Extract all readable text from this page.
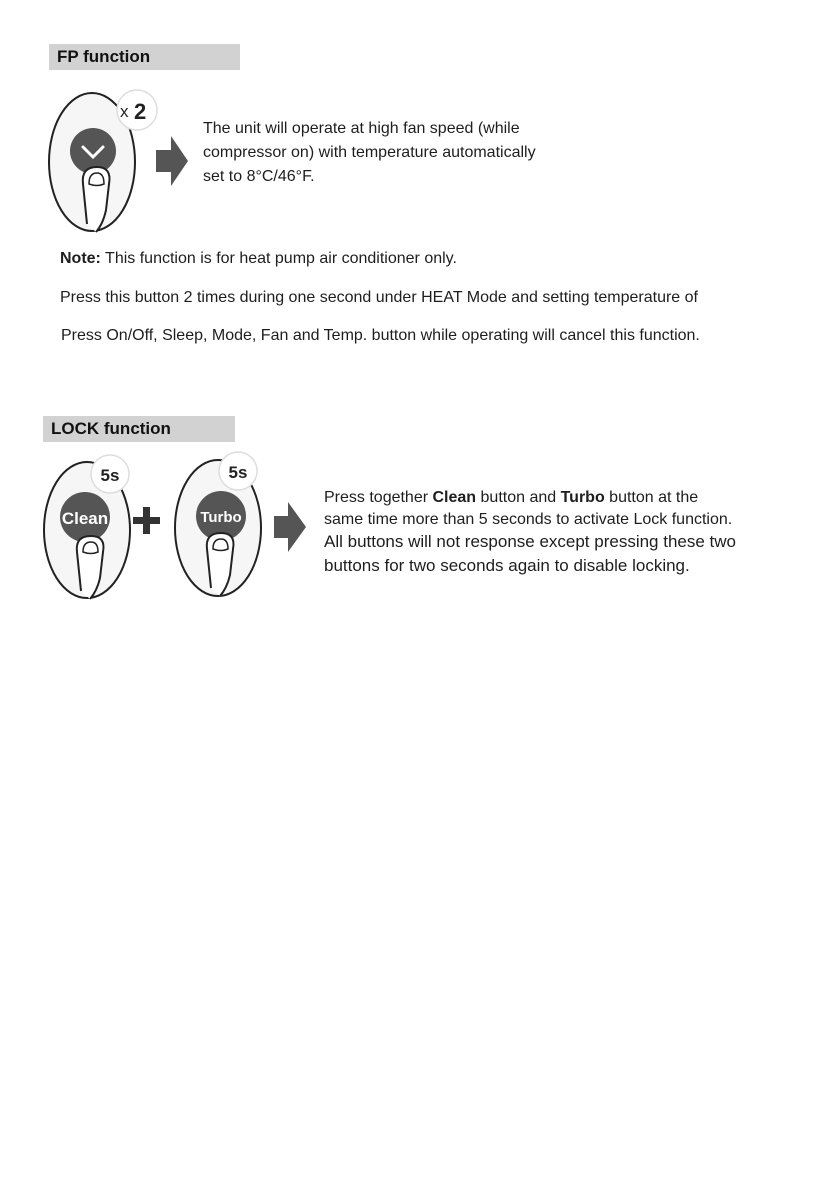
FP function
x 2
The unit will operate at high fan speed (while
compressor on) with temperature automatically
set to 8°C/46°F.
Note: This function is for heat pump air conditioner only.
Press this button 2 times during one second under HEAT Mode and setting temperature of
Press On/Off, Sleep, Mode, Fan and Temp. button while operating will cancel this function.
LOCK function
Clean
5s
Turbo
5s
Press together Clean button and Turbo button at the
same time more than 5 seconds to activate Lock function.
All buttons will not response except pressing these two
buttons for two seconds again to disable locking.
